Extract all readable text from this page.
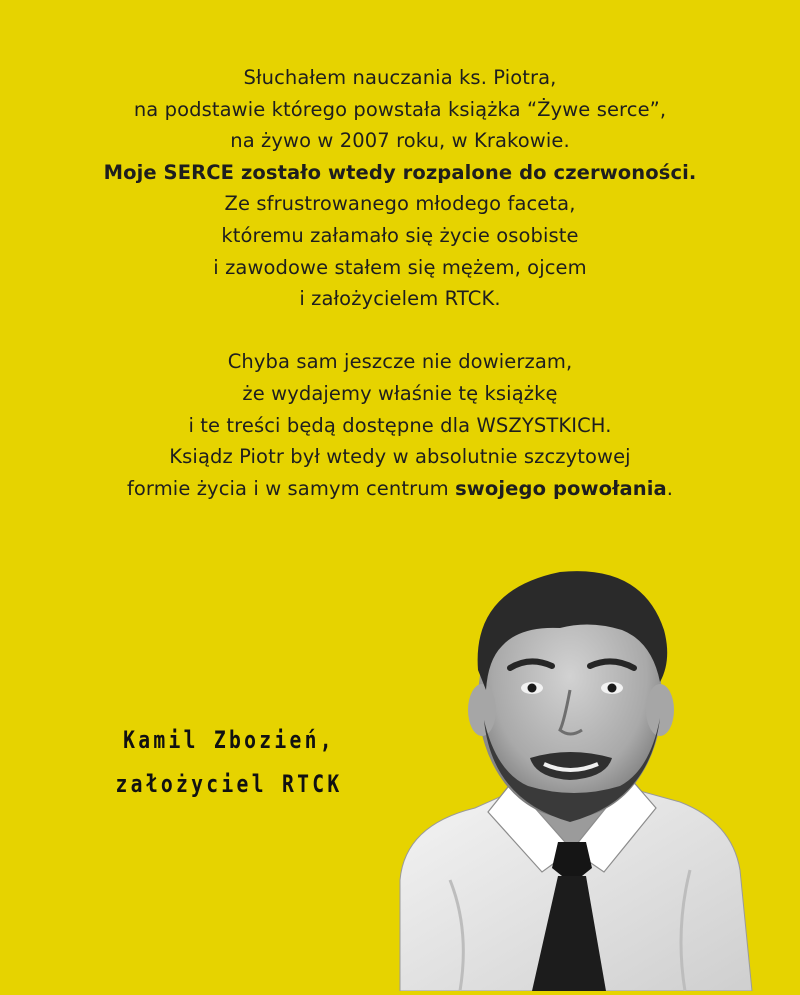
Słuchałem nauczania ks. Piotra,
na podstawie którego powstała książka “Żywe serce”,
na żywo w 2007 roku, w Krakowie.
Moje SERCE zostało wtedy rozpalone do czerwoności.
Ze sfrustrowanego młodego faceta,
któremu załamało się życie osobiste
i zawodowe stałem się mężem, ojcem
i założycielem RTCK.
Chyba sam jeszcze nie dowierzam,
że wydajemy właśnie tę książkę
i te treści będą dostępne dla WSZYSTKICH.
Ksiądz Piotr był wtedy w absolutnie szczytowej
formie życia i w samym centrum swojego powołania.
Kamil Zbozień,
założyciel RTCK
